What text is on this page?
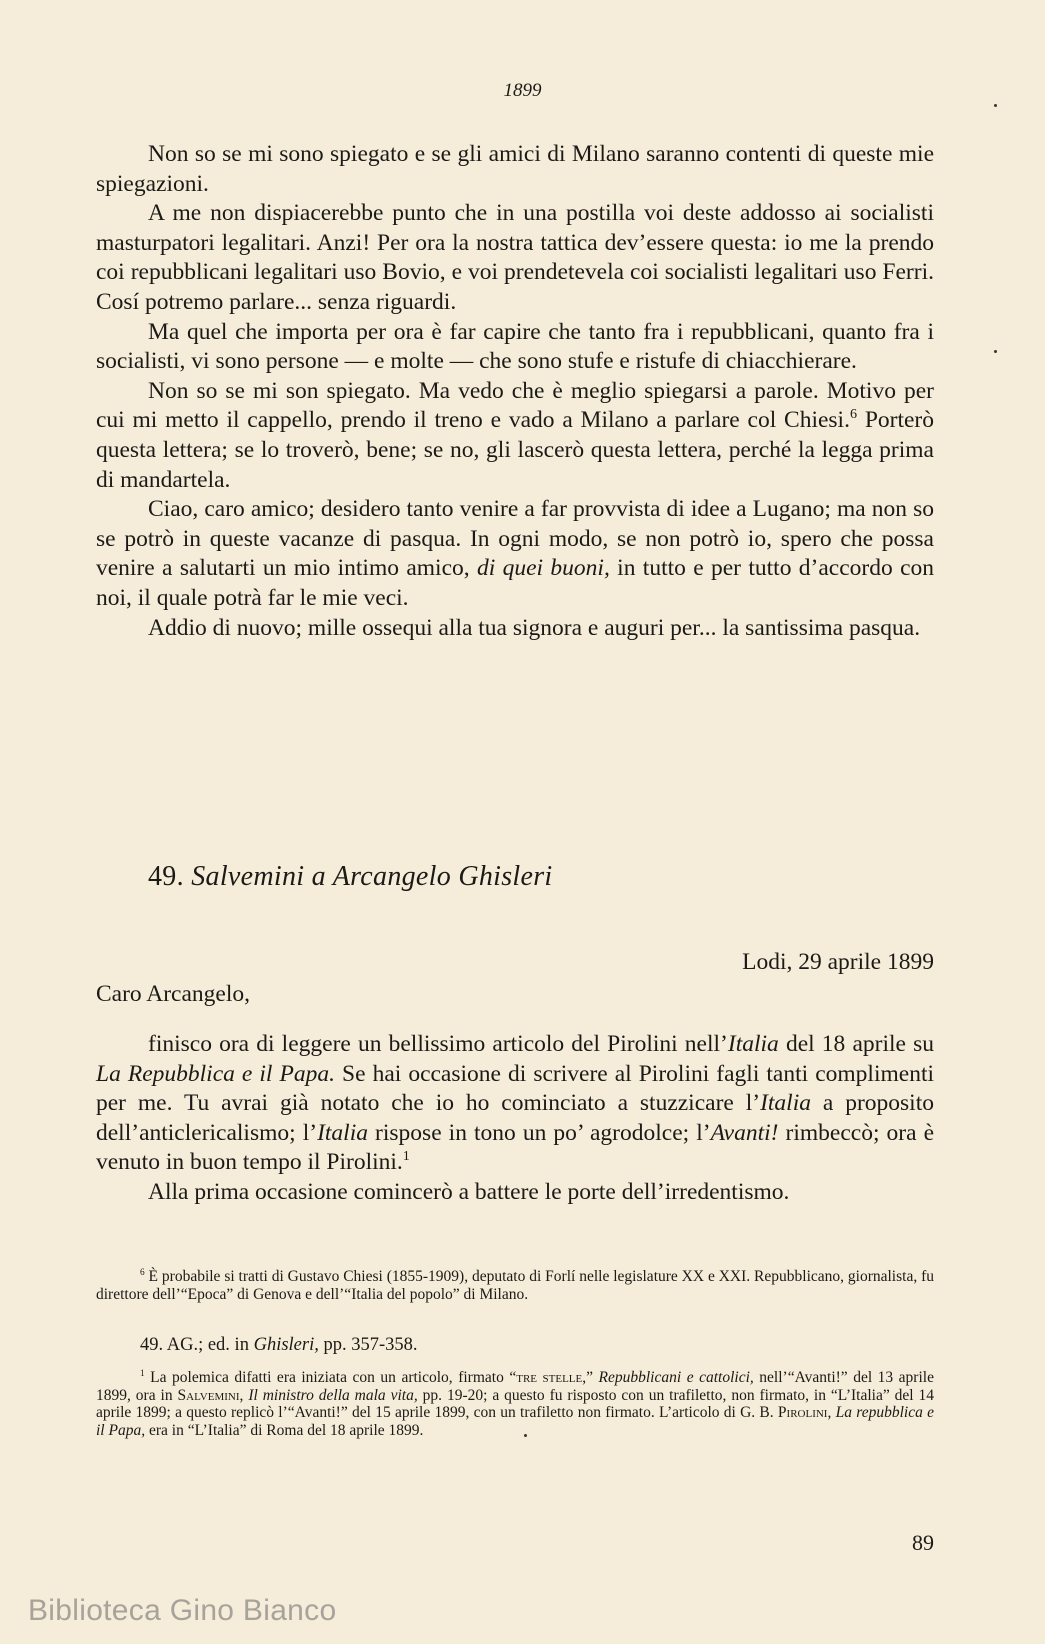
1899

Non so se mi sono spiegato e se gli amici di Milano saranno contenti di queste mie spiegazioni.

A me non dispiacerebbe punto che in una postilla voi deste addosso ai socialisti masturpatori legalitari. Anzi! Per ora la nostra tattica dev’essere questa: io me la prendo coi repubblicani legalitari uso Bovio, e voi prendetevela coi socialisti legalitari uso Ferri. Cosí potremo parlare... senza riguardi.

Ma quel che importa per ora è far capire che tanto fra i repubblicani, quanto fra i socialisti, vi sono persone — e molte — che sono stufe e ristufe di chiacchierare.

Non so se mi son spiegato. Ma vedo che è meglio spiegarsi a parole. Motivo per cui mi metto il cappello, prendo il treno e vado a Milano a parlare col Chiesi.$^6$ Porterò questa lettera; se lo troverò, bene; se no, gli lascerò questa lettera, perché la legga prima di mandartela.

Ciao, caro amico; desidero tanto venire a far provvista di idee a Lugano; ma non so se potrò in queste vacanze di pasqua. In ogni modo, se non potrò io, spero che possa venire a salutarti un mio intimo amico, di quei buoni, in tutto e per tutto d’accordo con noi, il quale potrà far le mie veci.

Addio di nuovo; mille ossequi alla tua signora e auguri per... la santissima pasqua.

49. Salvemini a Arcangelo Ghisleri
Lodi, 29 aprile 1899
Caro Arcangelo,

finisco ora di leggere un bellissimo articolo del Pirolini nell’Italia del 18 aprile su La Repubblica e il Papa. Se hai occasione di scrivere al Pirolini fagli tanti complimenti per me. Tu avrai già notato che io ho cominciato a stuzzicare l’Italia a proposito dell’anticlericalismo; l’Italia rispose in tono un po’ agrodolce; l’Avanti! rimbeccò; ora è venuto in buon tempo il Pirolini.$^1$

Alla prima occasione comincerò a battere le porte dell’irredentismo.

$^6$ È probabile si tratti di Gustavo Chiesi (1855-1909), deputato di Forlí nelle legislature XX e XXI. Repubblicano, giornalista, fu direttore dell’“Epoca” di Genova e dell’“Italia del popolo” di Milano.

49. AG.; ed. in Ghisleri, pp. 357-358.

$^1$ La polemica difatti era iniziata con un articolo, firmato “tre stelle,” Repubblicani e cattolici, nell’“Avanti!” del 13 aprile 1899, ora in Salvemini, Il ministro della mala vita, pp. 19-20; a questo fu risposto con un trafiletto, non firmato, in “L’Italia” del 14 aprile 1899; a questo replicò l’“Avanti!” del 15 aprile 1899, con un trafiletto non firmato. L’articolo di G. B. Pirolini, La repubblica e il Papa, era in “L’Italia” di Roma del 18 aprile 1899.

89
Biblioteca Gino Bianco
